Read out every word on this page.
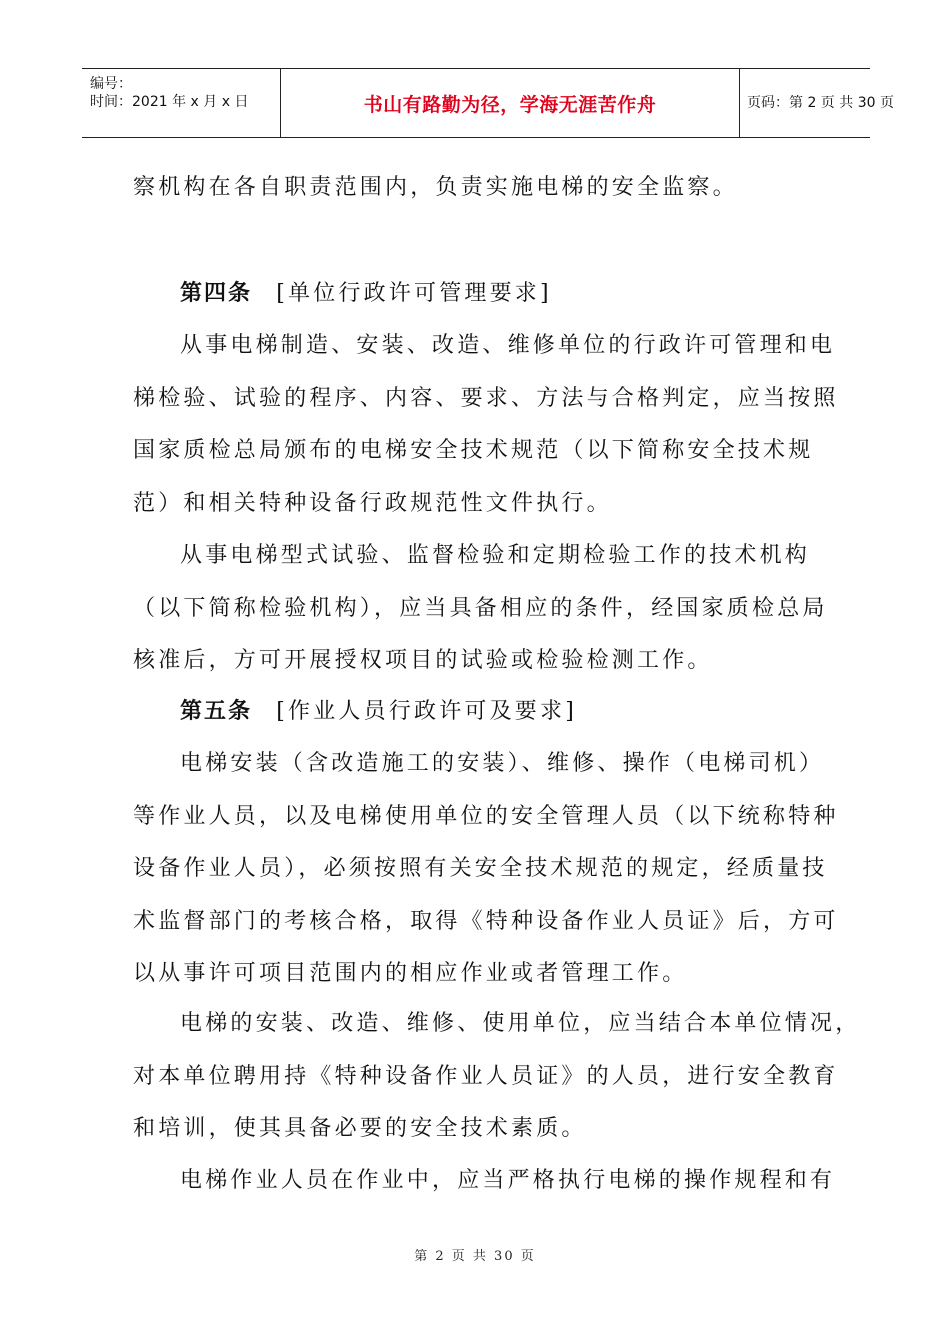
编号：
时间：2021 年 x 月 x 日	书山有路勤为径，学海无涯苦作舟	页码：第 2 页 共 30 页
察机构在各自职责范围内，负责实施电梯的安全监察。
第四条 [单位行政许可管理要求]
从事电梯制造、安装、改造、维修单位的行政许可管理和电
梯检验、试验的程序、内容、要求、方法与合格判定，应当按照
国家质检总局颁布的电梯安全技术规范（以下简称安全技术规
范）和相关特种设备行政规范性文件执行。
从事电梯型式试验、监督检验和定期检验工作的技术机构
（以下简称检验机构），应当具备相应的条件，经国家质检总局
核准后，方可开展授权项目的试验或检验检测工作。
第五条 [作业人员行政许可及要求]
电梯安装（含改造施工的安装）、维修、操作（电梯司机）
等作业人员，以及电梯使用单位的安全管理人员（以下统称特种
设备作业人员），必须按照有关安全技术规范的规定，经质量技
术监督部门的考核合格，取得《特种设备作业人员证》后，方可
以从事许可项目范围内的相应作业或者管理工作。
电梯的安装、改造、维修、使用单位，应当结合本单位情况，
对本单位聘用持《特种设备作业人员证》的人员，进行安全教育
和培训，使其具备必要的安全技术素质。
电梯作业人员在作业中，应当严格执行电梯的操作规程和有
第 2 页 共 30 页
